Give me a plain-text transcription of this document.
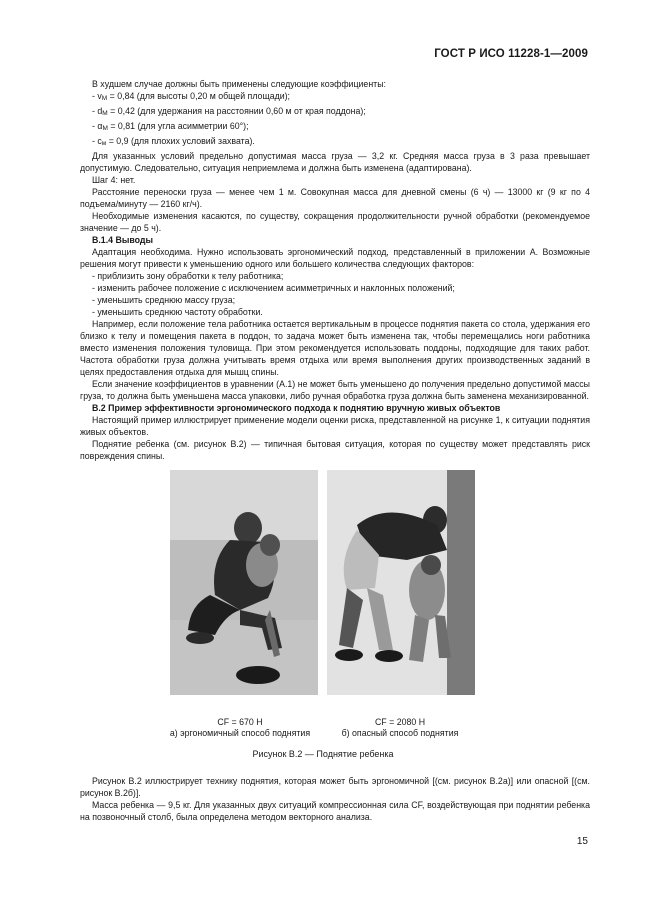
ГОСТ Р ИСО 11228-1—2009

В худшем случае должны быть применены следующие коэффициенты:

- vМ = 0,84 (для высоты 0,20 м общей площади);

- dМ = 0,42 (для удержания на расстоянии 0,60 м от края поддона);

- αМ = 0,81 (для угла асимметрии 60°);

- cм = 0,9 (для плохих условий захвата).

Для указанных условий предельно допустимая масса груза — 3,2 кг. Средняя масса груза в 3 раза превышает допустимую. Следовательно, ситуация неприемлема и должна быть изменена (адаптирована).

Шаг 4: нет.

Расстояние переноски груза — менее чем 1 м. Совокупная масса для дневной смены (6 ч) — 13000 кг (9 кг по 4 подъема/минуту — 2160 кг/ч).

Необходимые изменения касаются, по существу, сокращения продолжительности ручной обработки (рекомендуемое значение — до 5 ч).

В.1.4 Выводы

Адаптация необходима. Нужно использовать эргономический подход, представленный в приложении А. Возможные решения могут привести к уменьшению одного или большего количества следующих факторов:

- приблизить зону обработки к телу работника;

- изменить рабочее положение с исключением асимметричных и наклонных положений;

- уменьшить среднюю массу груза;

- уменьшить среднюю частоту обработки.

Например, если положение тела работника остается вертикальным в процессе поднятия пакета со стола, удержания его близко к телу и помещения пакета в поддон, то задача может быть изменена так, чтобы перемещались ноги работника вместо изменения положения туловища. При этом рекомендуется использовать поддоны, подходящие для таких работ. Частота обработки груза должна учитывать время отдыха или время выполнения других производственных заданий в целях предоставления отдыха для мышц спины.

Если значение коэффициентов в уравнении (А.1) не может быть уменьшено до получения предельно допустимой массы груза, то должна быть уменьшена масса упаковки, либо ручная обработка груза должна быть заменена механизированной.

В.2 Пример эффективности эргономического подхода к поднятию вручную живых объектов

Настоящий пример иллюстрирует применение модели оценки риска, представленной на рисунке 1, к ситуации поднятия живых объектов.

Поднятие ребенка (см. рисунок В.2) — типичная бытовая ситуация, которая по существу может представлять риск повреждения спины.

CF = 670 Н
а) эргономичный способ поднятия
CF = 2080 Н
б) опасный способ поднятия
Рисунок В.2 — Поднятие ребенка

Рисунок В.2 иллюстрирует технику поднятия, которая может быть эргономичной [(см. рисунок В.2а)] или опасной [(см. рисунок В.2б)].

Масса ребенка — 9,5 кг. Для указанных двух ситуаций компрессионная сила CF, воздействующая при поднятии ребенка на позвоночный столб, была определена методом векторного анализа.

15
